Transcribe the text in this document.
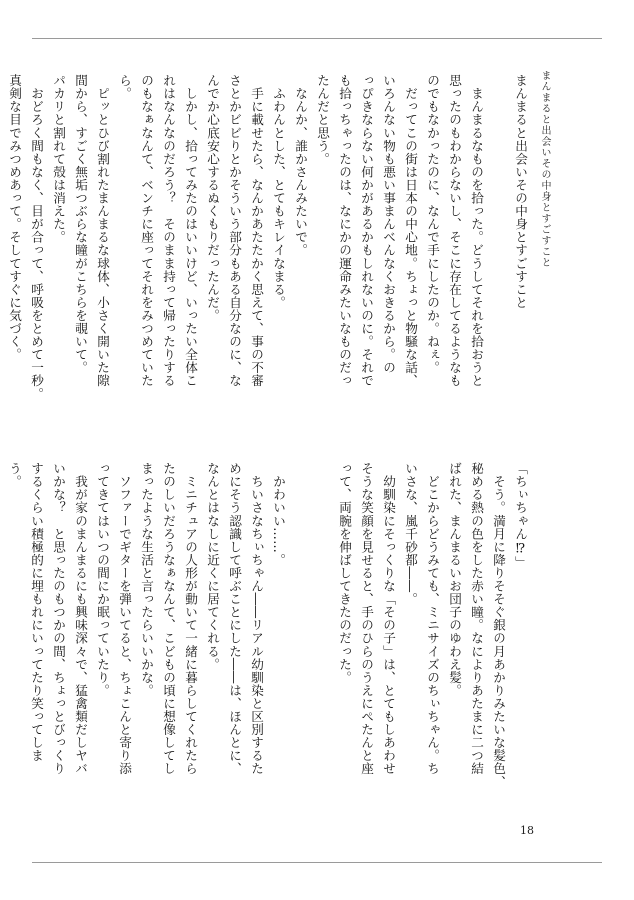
まんまると出会いその中身とすごすこと
まんまると出会いその中身とすごすこと

　まんまるなものを拾った。どうしてそれを拾おうと
思ったのもわからないし、そこに存在してるようなも
のでもなかったのに、なんで手にしたのか。ねぇ。
　だってこの街は日本の中心地。ちょっと物騒な話、
いろんない物も悪い事まんべんなくおきるから。の
っぴきならない何かがあるかもしれないのに。それで
も拾っちゃったのは、なにかの運命みたいなものだっ
たんだと思う。
　なんか、誰かさんみたいで。
　ふわんとした、とてもキレイなまる。
　手に載せたら、なんかあたたかく思えて、事の不審
さとかビビりとかそういう部分もある自分なのに、な
んでか心底安心するぬくもりだったんだ。
　しかし、拾ってみたのはいいけど、いったい全体こ
れはなんなのだろう？　そのまま持って帰ったりする
のもなぁなんて、ベンチに座ってそれをみつめていた
ら。
　ピッとひび割れたまんまるな球体、小さく開いた隙
間から、すごく無垢つぶらな瞳がこちらを覗いて。
パカリと割れて殻は消えた。
　おどろく間もなく、目が合って、呼吸をとめて一秒。
真剣な目でみつめあって。そしてすぐに気づく。
「ちぃちゃん⁉」
　そう。満月に降りそそぐ銀の月あかりみたいな髪色、
秘める熱の色をした赤い瞳。なによりあたまに二つ結
ばれた、まんまるいお団子のゆわえ髪。
　どこからどうみても、ミニサイズのちぃちゃん。ち
いさな、嵐千砂都――。
　幼馴染にそっくりな「その子」は、とてもしあわせ
そうな笑顔を見せると、手のひらのうえにぺたんと座
って、両腕を伸ばしてきたのだった。

　かわいい……。
　ちいさなちぃちゃん――リアル幼馴染と区別するた
めにそう認識して呼ぶことにした――は、ほんとに、
なんとはなしに近くに居てくれる。
　ミニチュアの人形が動いて一緒に暮らしてくれたら
たのしいだろうなぁなんて、こどもの頃に想像してし
まったような生活と言ったらいいかな。
　ソファーでギターを弾いてると、ちょこんと寄り添
ってきてはいつの間にか眠っていたり。
　我が家のまんまるにも興味深々で、猛禽類だしヤバ
いかな？　と思ったのもつかの間、ちょっとびっくり
するくらい積極的に埋もれにいってたり笑ってしま
う。
18
